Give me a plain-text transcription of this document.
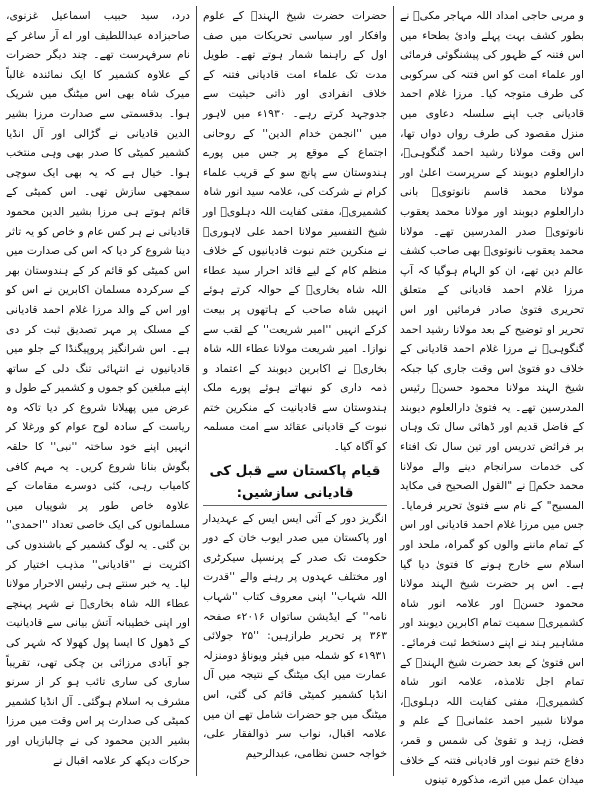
و مربی حاجی امداد اللہ مہاجر مکیؒ نے بطور کشف بہت پہلے وادیٔ بطحاء میں اس فتنہ کے ظہور کی پیشنگوئی فرمائی اور علماء امت کو اس فتنہ کی سرکوبی کی طرف متوجہ کیا۔ مرزا غلام احمد قادیانی جب اپنے سلسلہ دعاوی میں منزل مقصود کی طرف رواں دواں تھا، اس وقت مولانا رشید احمد گنگوہیؒ، دارالعلوم دیوبند کے سرپرست اعلیٰ اور مولانا محمد قاسم نانوتویؒ بانی دارالعلوم دیوبند اور مولانا محمد یعقوب نانوتویؒ صدر المدرسین تھے۔ مولانا محمد یعقوب نانوتویؒ بھی صاحب کشف عالم دین تھے، ان کو الہام ہوگیا کہ آپ مرزا غلام احمد قادیانی کے متعلق تحریری فتویٰ صادر فرمائیں اور اس تحریر او توضیح کے بعد مولانا رشید احمد گنگوہیؒ نے مرزا غلام احمد قادیانی کے خلاف دو فتویٰ اس وقت جاری کیا جبکہ شیخ الہند مولانا محمود حسنؒ رئیس المدرسین تھے۔ یہ فتویٰ دارالعلوم دیوبند کے فاضل قدیم اور ڈھائی سال تک وہاں بر فرائض تدریس اور تین سال تک افتاء کی خدمات سرانجام دینے والے مولانا محمد حکمؒ نے "القول الصحیح فی مکاید المسیح" کے نام سے فتویٰ تحریر فرمایا۔ جس میں مرزا غلام احمد قادیانی اور اس کے تمام ماننے والوں کو گمراہ، ملحد اور اسلام سے خارج ہونے کا فتویٰ دیا گیا ہے۔ اس پر حضرت شیخ الہند مولانا محمود حسنؒ اور علامہ انور شاہ کشمیریؒ سمیت تمام اکابرین دیوبند اور مشاہیر ہند نے اپنے دستخط ثبت فرمائے۔ اس فتویٰ کے بعد حضرت شیخ الہندؒ کے تمام اجل تلامذہ، علامہ انور شاہ کشمیریؒ، مفتی کفایت اللہ دہلویؒ، مولانا شبیر احمد عثمانیؒ کے علم و فضل، زہد و تقویٰ کی شمس و قمر، دفاع ختم نبوت اور قادیانی فتنہ کے خلاف میدان عمل میں اترے، مذکورہ تینوں

حضرات حضرت شیخ الہندؒ کے علوم وافکار اور سیاسی تحریکات میں صف اول کے راہنما شمار ہوتے تھے۔ طویل مدت تک علماء امت قادیانی فتنہ کے خلاف انفرادی اور ذاتی حیثیت سے جدوجہد کرتے رہے۔ ۱۹۳۰ء میں لاہور میں ''انجمن خدام الدین'' کے روحانی اجتماع کے موقع پر جس میں پورے ہندوستان سے پانچ سو کے قریب علماء کرام نے شرکت کی، علامہ سید انور شاہ کشمیریؒ، مفتی کفایت اللہ دہلویؒ اور شیخ التفسیر مولانا احمد علی لاہوریؒ نے منکرین ختم نبوت قادیانیوں کے خلاف منظم کام کے لیے قائد احرار سید عطاء اللہ شاہ بخاریؒ کے حوالہ کرتے ہوئے انہیں شاہ صاحب کے ہاتھوں پر بیعت کرکے انہیں ''امیر شریعت'' کے لقب سے نوازا۔ امیر شریعت مولانا عطاء اللہ شاہ بخاریؒ نے اکابرین دیوبند کے اعتماد و ذمہ داری کو نبھاتے ہوئے پورے ملک ہندوستان سے قادیانیت کے منکرین ختم نبوت کے قادیانی عقائد سے امت مسلمہ کو آگاہ کیا۔

قیام پاکستان سے قبل کی قادیانی سازشیں:

انگریز دور کے آئی ایس ایس کے عہدیدار اور پاکستان میں صدر ایوب خان کے دور حکومت تک صدر کے پرنسپل سیکرٹری اور مختلف عہدوں پر رہنے والے ''قدرت اللہ شہاب'' اپنی معروف کتاب ''شہاب نامہ'' کے ایڈیشن ساتواں ۲۰۱۶ء صفحہ ۳۶۳ پر تحریر طرازہیں: ''۲۵ جولائی ۱۹۳۱ء کو شملہ میں فیئر ویوناؤ دومنزلہ عمارت میں ایک میٹنگ کے نتیجہ میں آل انڈیا کشمیر کمیٹی قائم کی گئی، اس میٹنگ میں جو حضرات شامل تھے ان میں علامہ اقبال، نواب سر ذوالفقار علی، خواجہ حسن نظامی، عبدالرحیم

درد، سید حبیب اسماعیل غزنوی، صاحبزادہ عبداللطیف اور اے آر ساغر کے نام سرفہرست تھے۔ چند دیگر حضرات کے علاوہ کشمیر کا ایک نمائندہ غالباً میرک شاہ بھی اس میٹنگ میں شریک ہوا۔ بدقسمتی سے صدارت مرزا بشیر الدین قادیانی نے گڑالی اور آل انڈیا کشمیر کمیٹی کا صدر بھی وہی منتخب ہوا۔ خیال ہے کہ یہ بھی ایک سوچی سمجھی سازش تھی۔ اس کمیٹی کے قائم ہوتے ہی مرزا بشیر الدین محمود قادیانی نے ہر کس عام و خاص کو یہ تاثر دینا شروع کر دیا کہ اس کی صدارت میں اس کمیٹی کو قائم کر کے ہندوستان بھر کے سرکردہ مسلمان اکابرین نے اس کو اور اس کے والد مرزا غلام احمد قادیانی کے مسلک پر مہر تصدیق ثبت کر دی ہے۔ اس شرانگیز پروپیگنڈا کے جلو میں قادیانیوں نے انتہائی تنگ دلی کے ساتھ اپنے مبلغین کو جموں و کشمیر کے طول و عرض میں پھیلانا شروع کر دیا تاکہ وہ ریاست کے سادہ لوح عوام کو ورغلا کر انہیں اپنے خود ساختہ ''نبی'' کا حلقہ بگوش بنانا شروع کریں۔ یہ مہم کافی کامیاب رہی، کئی دوسرے مقامات کے علاوہ خاص طور پر شوپیاں میں مسلمانوں کی ایک خاصی تعداد ''احمدی'' بن گئی۔ یہ لوگ کشمیر کے باشندوں کی اکثریت نے ''قادیانی'' مذہب اختیار کر لیا۔ یہ خبر سنتے ہی رئیس الاحرار مولانا عطاء اللہ شاہ بخاریؒ نے شہر پہنچے اور اپنی خطیبانہ آتش بیانی سے قادیانیت کے ڈھول کا ایسا پول کھولا کہ شہر کی جو آبادی مرزائی بن چکی تھی، تقریباً ساری کی ساری تائب ہو کر از سرنو مشرف بہ اسلام ہوگئی۔ آل انڈیا کشمیر کمیٹی کی صدارت پر اس وقت میں مرزا بشیر الدین محمود کی نے چالبازیاں اور حرکات دیکھ کر علامہ اقبال نے
